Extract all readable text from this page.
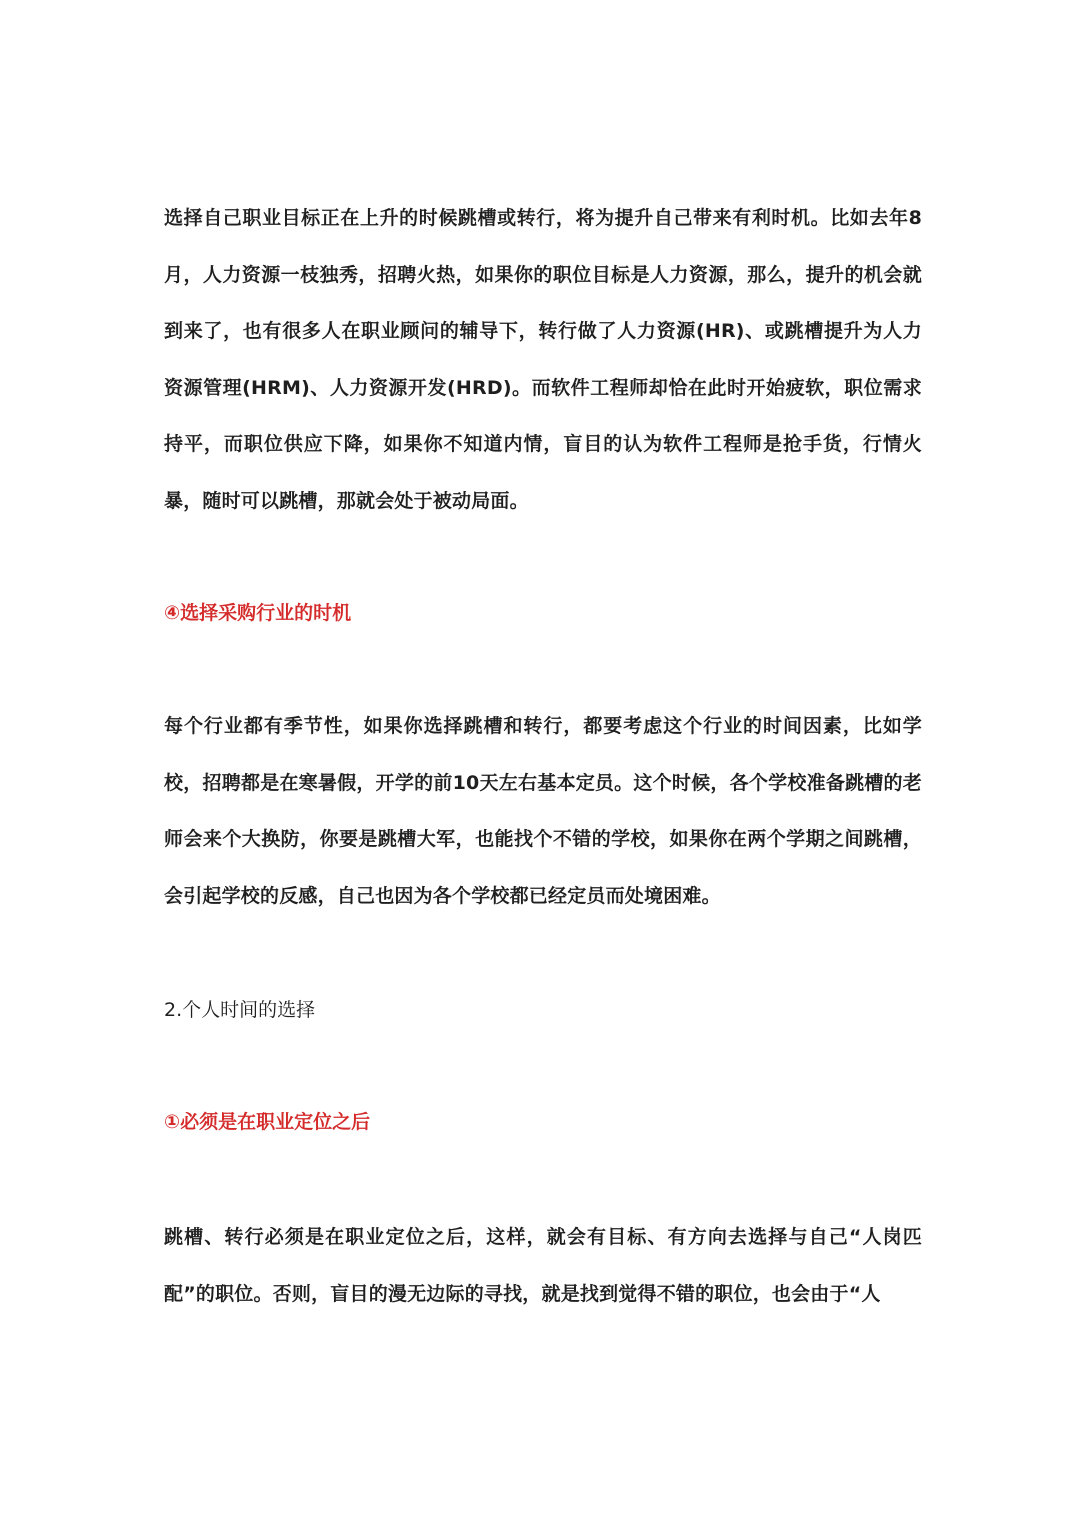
选择自己职业目标正在上升的时候跳槽或转行，将为提升自己带来有利时机。比如去年8月，人力资源一枝独秀，招聘火热，如果你的职位目标是人力资源，那么，提升的机会就到来了，也有很多人在职业顾问的辅导下，转行做了人力资源(HR)、或跳槽提升为人力资源管理(HRM)、人力资源开发(HRD)。而软件工程师却恰在此时开始疲软，职位需求持平，而职位供应下降，如果你不知道内情，盲目的认为软件工程师是抢手货，行情火暴，随时可以跳槽，那就会处于被动局面。

④选择采购行业的时机

每个行业都有季节性，如果你选择跳槽和转行，都要考虑这个行业的时间因素，比如学校，招聘都是在寒暑假，开学的前10天左右基本定员。这个时候，各个学校准备跳槽的老师会来个大换防，你要是跳槽大军，也能找个不错的学校，如果你在两个学期之间跳槽，会引起学校的反感，自己也因为各个学校都已经定员而处境困难。

2.个人时间的选择

①必须是在职业定位之后

跳槽、转行必须是在职业定位之后，这样，就会有目标、有方向去选择与自己“人岗匹配”的职位。否则，盲目的漫无边际的寻找，就是找到觉得不错的职位，也会由于“人
